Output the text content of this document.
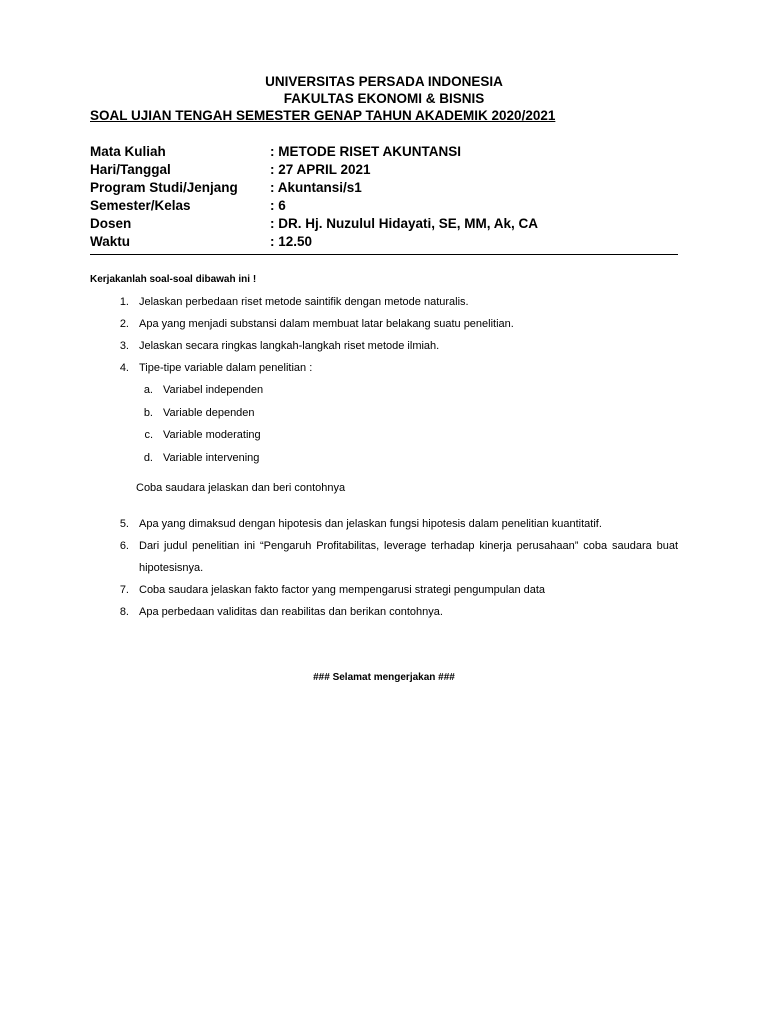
UNIVERSITAS PERSADA INDONESIA
FAKULTAS EKONOMI & BISNIS
SOAL UJIAN TENGAH SEMESTER GENAP TAHUN AKADEMIK 2020/2021
Mata Kuliah	: METODE RISET AKUNTANSI
Hari/Tanggal	: 27 APRIL 2021
Program Studi/Jenjang	: Akuntansi/s1
Semester/Kelas	: 6
Dosen	: DR. Hj. Nuzulul Hidayati, SE, MM, Ak, CA
Waktu	: 12.50
Kerjakanlah soal-soal dibawah ini !
1. Jelaskan perbedaan riset metode saintifik dengan metode naturalis.
2. Apa yang menjadi substansi dalam membuat latar belakang suatu penelitian.
3. Jelaskan secara ringkas langkah-langkah riset metode ilmiah.
4. Tipe-tipe variable dalam penelitian :
a. Variabel independen
b. Variable dependen
c. Variable moderating
d. Variable intervening
Coba saudara jelaskan dan beri contohnya
5. Apa yang dimaksud dengan hipotesis dan jelaskan fungsi hipotesis dalam penelitian kuantitatif.
6. Dari judul penelitian ini “Pengaruh Profitabilitas, leverage terhadap kinerja perusahaan” coba saudara buat hipotesisnya.
7. Coba saudara jelaskan fakto factor yang mempengarusi strategi pengumpulan data
8. Apa perbedaan validitas dan reabilitas dan berikan contohnya.
### Selamat mengerjakan ###
